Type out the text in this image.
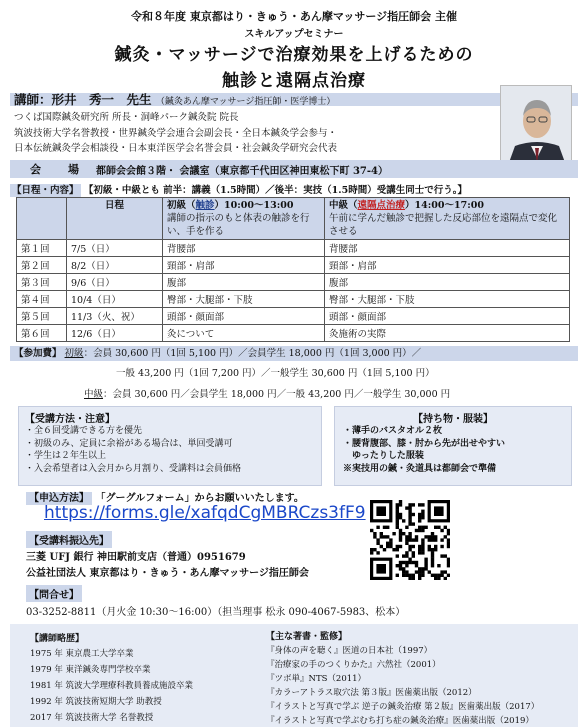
令和８年度 東京都はり・きゅう・あん摩マッサージ指圧師会 主催
スキルアップセミナー
鍼灸・マッサージで治療効果を上げるための
触診と遠隔点治療
講師：形井　秀一　先生 （鍼灸あん摩マッサージ指圧師・医学博士）
つくば国際鍼灸研究所 所長・洞峰パーク鍼灸院 院長
筑波技術大学名誉教授・世界鍼灸学会連合会副会長・全日本鍼灸学会参与・
日本伝統鍼灸学会相談役・日本東洋医学会名誉会員・社会鍼灸学研究会代表
会　場 都師会会館３階・ 会議室（東京都千代田区神田東松下町 37-4）
【日程・内容】 【初級・中級とも 前半：講義（1.5時間）／後半：実技（1.5時間）受講生同士で行う。】
	日程	初級（触診）10:00～13:00
講師の指示のもと体表の触診を行い、手を作る	中級（遠隔点治療）14:00～17:00
午前に学んだ触診で把握した反応部位を遠隔点で変化させる
第１回	7/5（日）	背腰部	背腰部
第２回	8/2（日）	頸部・肩部	頸部・肩部
第３回	9/6（日）	腹部	腹部
第４回	10/4（日）	臀部・大腿部・下肢	臀部・大腿部・下肢
第５回	11/3（火、祝）	頭部・顔面部	頭部・顔面部
第６回	12/6（日）	灸について	灸施術の実際
【参加費】 初級：会員 30,600 円（1回 5,100 円）／会員学生 18,000 円（1回 3,000 円）／
一般 43,200 円（1回 7,200 円）／一般学生 30,600 円（1回 5,100 円）
中級：会員 30,600 円／会員学生 18,000 円／一般 43,200 円／一般学生 30,000 円
【受講方法・注意】
・全６回受講できる方を優先
・初級のみ、定員に余裕がある場合は、単回受講可
・学生は２年生以上
・入会希望者は入会月から月割り、受講料は会員価格
【持ち物・服装】
・薄手のバスタオル２枚
・腰背腹部、膝・肘から先が出せやすい
　ゆったりした服装
※実技用の鍼・灸道具は都師会で準備
【申込方法】 「グーグルフォーム」からお願いいたします。
https://forms.gle/xafqdCgMBRCzs3fF9
【受講料振込先】
三菱 UFJ 銀行 神田駅前支店（普通）0951679
公益社団法人 東京都はり・きゅう・あん摩マッサージ指圧師会
【問合せ】
03-3252-8811（月火金 10:30～16:00）（担当理事 松永 090-4067-5983、松本）
【講師略歴】
1975 年 東京農工大学卒業
1979 年 東洋鍼灸専門学校卒業
1981 年 筑波大学理療科教員養成施設卒業
1992 年 筑波技術短期大学 助教授
2017 年 筑波技術大学 名誉教授
【主な著書・監修】
『身体の声を聴く』医道の日本社（1997）
『治療家の手のつくりかた』六然社（2001）
『ツボ単』NTS（2011）
『カラーアトラス取穴法 第３版』医歯薬出版（2012）
『イラストと写真で学ぶ 逆子の鍼灸治療 第２版』医歯薬出版（2017）
『イラストと写真で学ぶむち打ち症の鍼灸治療』医歯薬出版（2019）
